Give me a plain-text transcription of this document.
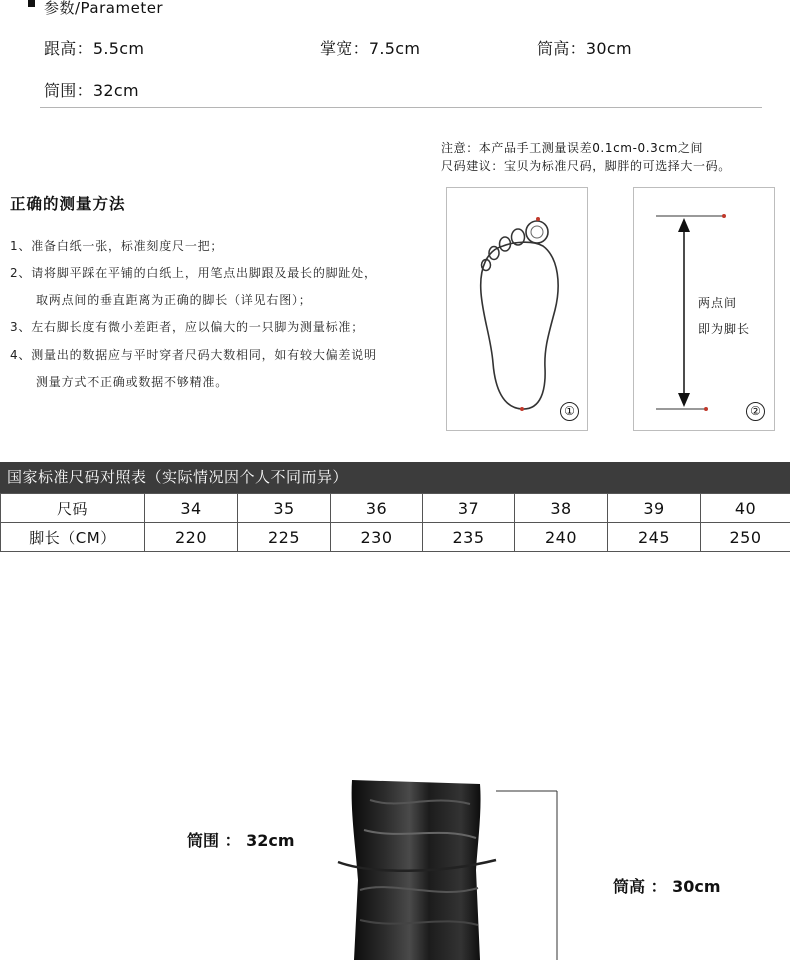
参数/Parameter
跟高：5.5cm	掌宽：7.5cm	筒高：30cm
筒围：32cm
注意：本产品手工测量误差0.1cm-0.3cm之间
尺码建议：宝贝为标准尺码，脚胖的可选择大一码。
正确的测量方法
1、准备白纸一张，标准刻度尺一把；
2、请将脚平踩在平铺的白纸上，用笔点出脚跟及最长的脚趾处，
取两点间的垂直距离为正确的脚长（详见右图）；
3、左右脚长度有微小差距者，应以偏大的一只脚为测量标准；
4、测量出的数据应与平时穿者尺码大数相同，如有较大偏差说明
测量方式不正确或数据不够精准。
①
两点间
即为脚长
②
国家标准尺码对照表（实际情况因个人不同而异）
尺码	34	35	36	37	38	39	40
脚长（CM）	220	225	230	235	240	245	250
筒围 ： 32cm
筒高 ： 30cm
